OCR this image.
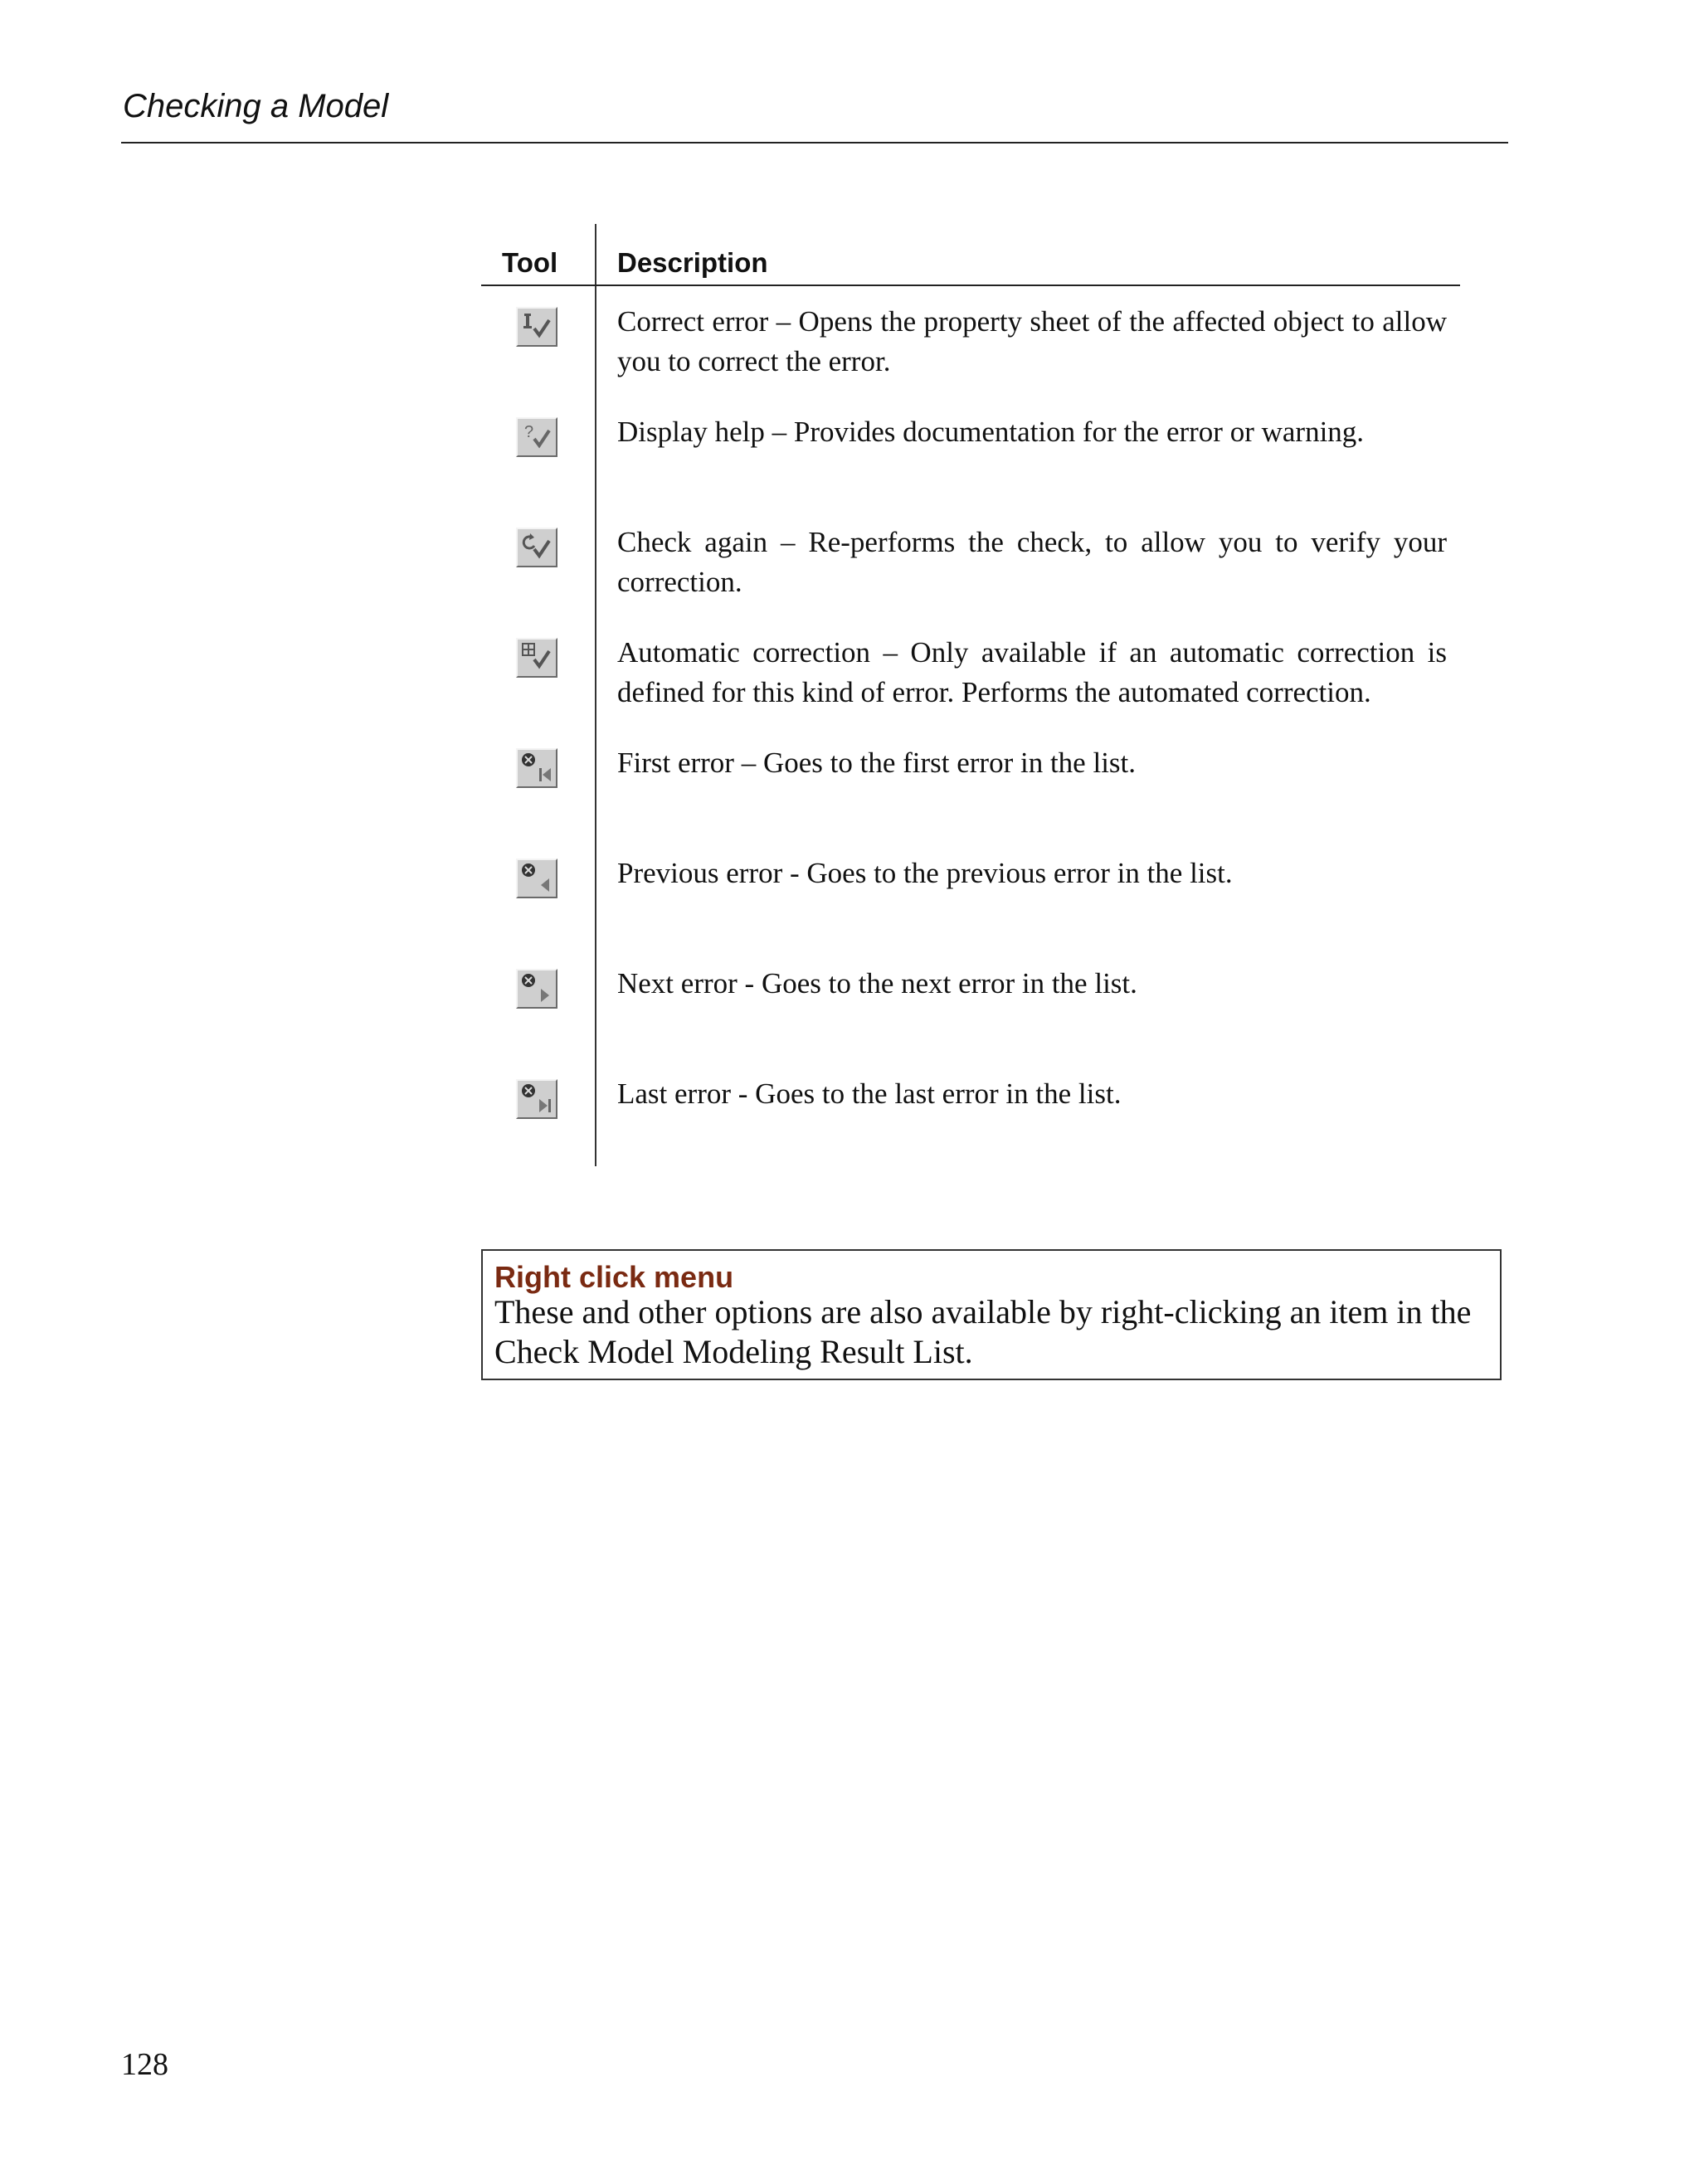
Checking a Model
Tool Description
Correct error – Opens the property sheet of the affected object to allow you to correct the error.
?	Display help – Provides documentation for the error or warning.
Check again – Re-performs the check, to allow you to verify your correction.
Automatic correction – Only available if an automatic correction is defined for this kind of error. Performs the automated correction.
First error – Goes to the first error in the list.
Previous error - Goes to the previous error in the list.
Next error - Goes to the next error in the list.
Last error - Goes to the last error in the list.
Right click menu
These and other options are also available by right-clicking an item in the Check Model Modeling Result List.
128
